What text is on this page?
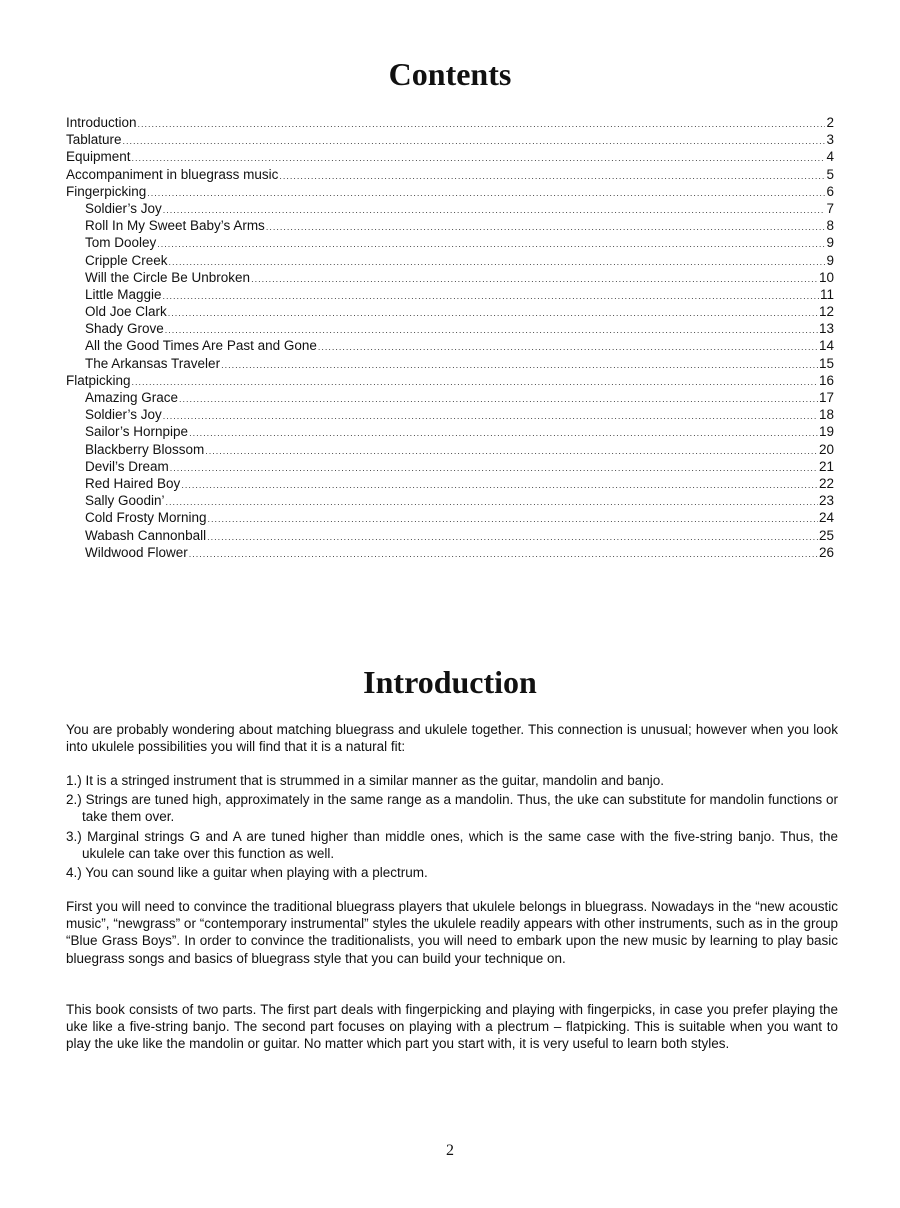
Contents
Introduction .....	2
Tablature .....	3
Equipment .....	4
Accompaniment in bluegrass music .....	5
Fingerpicking .....	6
Soldier’s Joy .....	7
Roll In My Sweet Baby’s Arms .....	8
Tom Dooley .....	9
Cripple Creek .....	9
Will the Circle Be Unbroken .....	10
Little Maggie .....	11
Old Joe Clark .....	12
Shady Grove .....	13
All the Good Times Are Past and Gone .....	14
The Arkansas Traveler .....	15
Flatpicking .....	16
Amazing Grace .....	17
Soldier’s Joy .....	18
Sailor’s Hornpipe .....	19
Blackberry Blossom .....	20
Devil’s Dream .....	21
Red Haired Boy .....	22
Sally Goodin’ .....	23
Cold Frosty Morning .....	24
Wabash Cannonball .....	25
Wildwood Flower .....	26
Introduction

You are probably wondering about matching bluegrass and ukulele together. This connection is unusual; however when you look into ukulele possibilities you will find that it is a natural fit:

1.) It is a stringed instrument that is strummed in a similar manner as the guitar, mandolin and banjo.
2.) Strings are tuned high, approximately in the same range as a mandolin. Thus, the uke can substitute for mandolin functions or take them over.
3.) Marginal strings G and A are tuned higher than middle ones, which is the same case with the five-string banjo. Thus, the ukulele can take over this function as well.
4.) You can sound like a guitar when playing with a plectrum.

First you will need to convince the traditional bluegrass players that ukulele belongs in bluegrass. Nowadays in the “new acoustic music”, “newgrass” or “contemporary instrumental” styles the ukulele readily appears with other instruments, such as in the group “Blue Grass Boys”. In order to convince the traditionalists, you will need to embark upon the new music by learning to play basic bluegrass songs and basics of bluegrass style that you can build your technique on.

This book consists of two parts. The first part deals with fingerpicking and playing with fingerpicks, in case you prefer playing the uke like a five-string banjo. The second part focuses on playing with a plectrum – flatpicking. This is suitable when you want to play the uke like the mandolin or guitar. No matter which part you start with, it is very useful to learn both styles.

2
